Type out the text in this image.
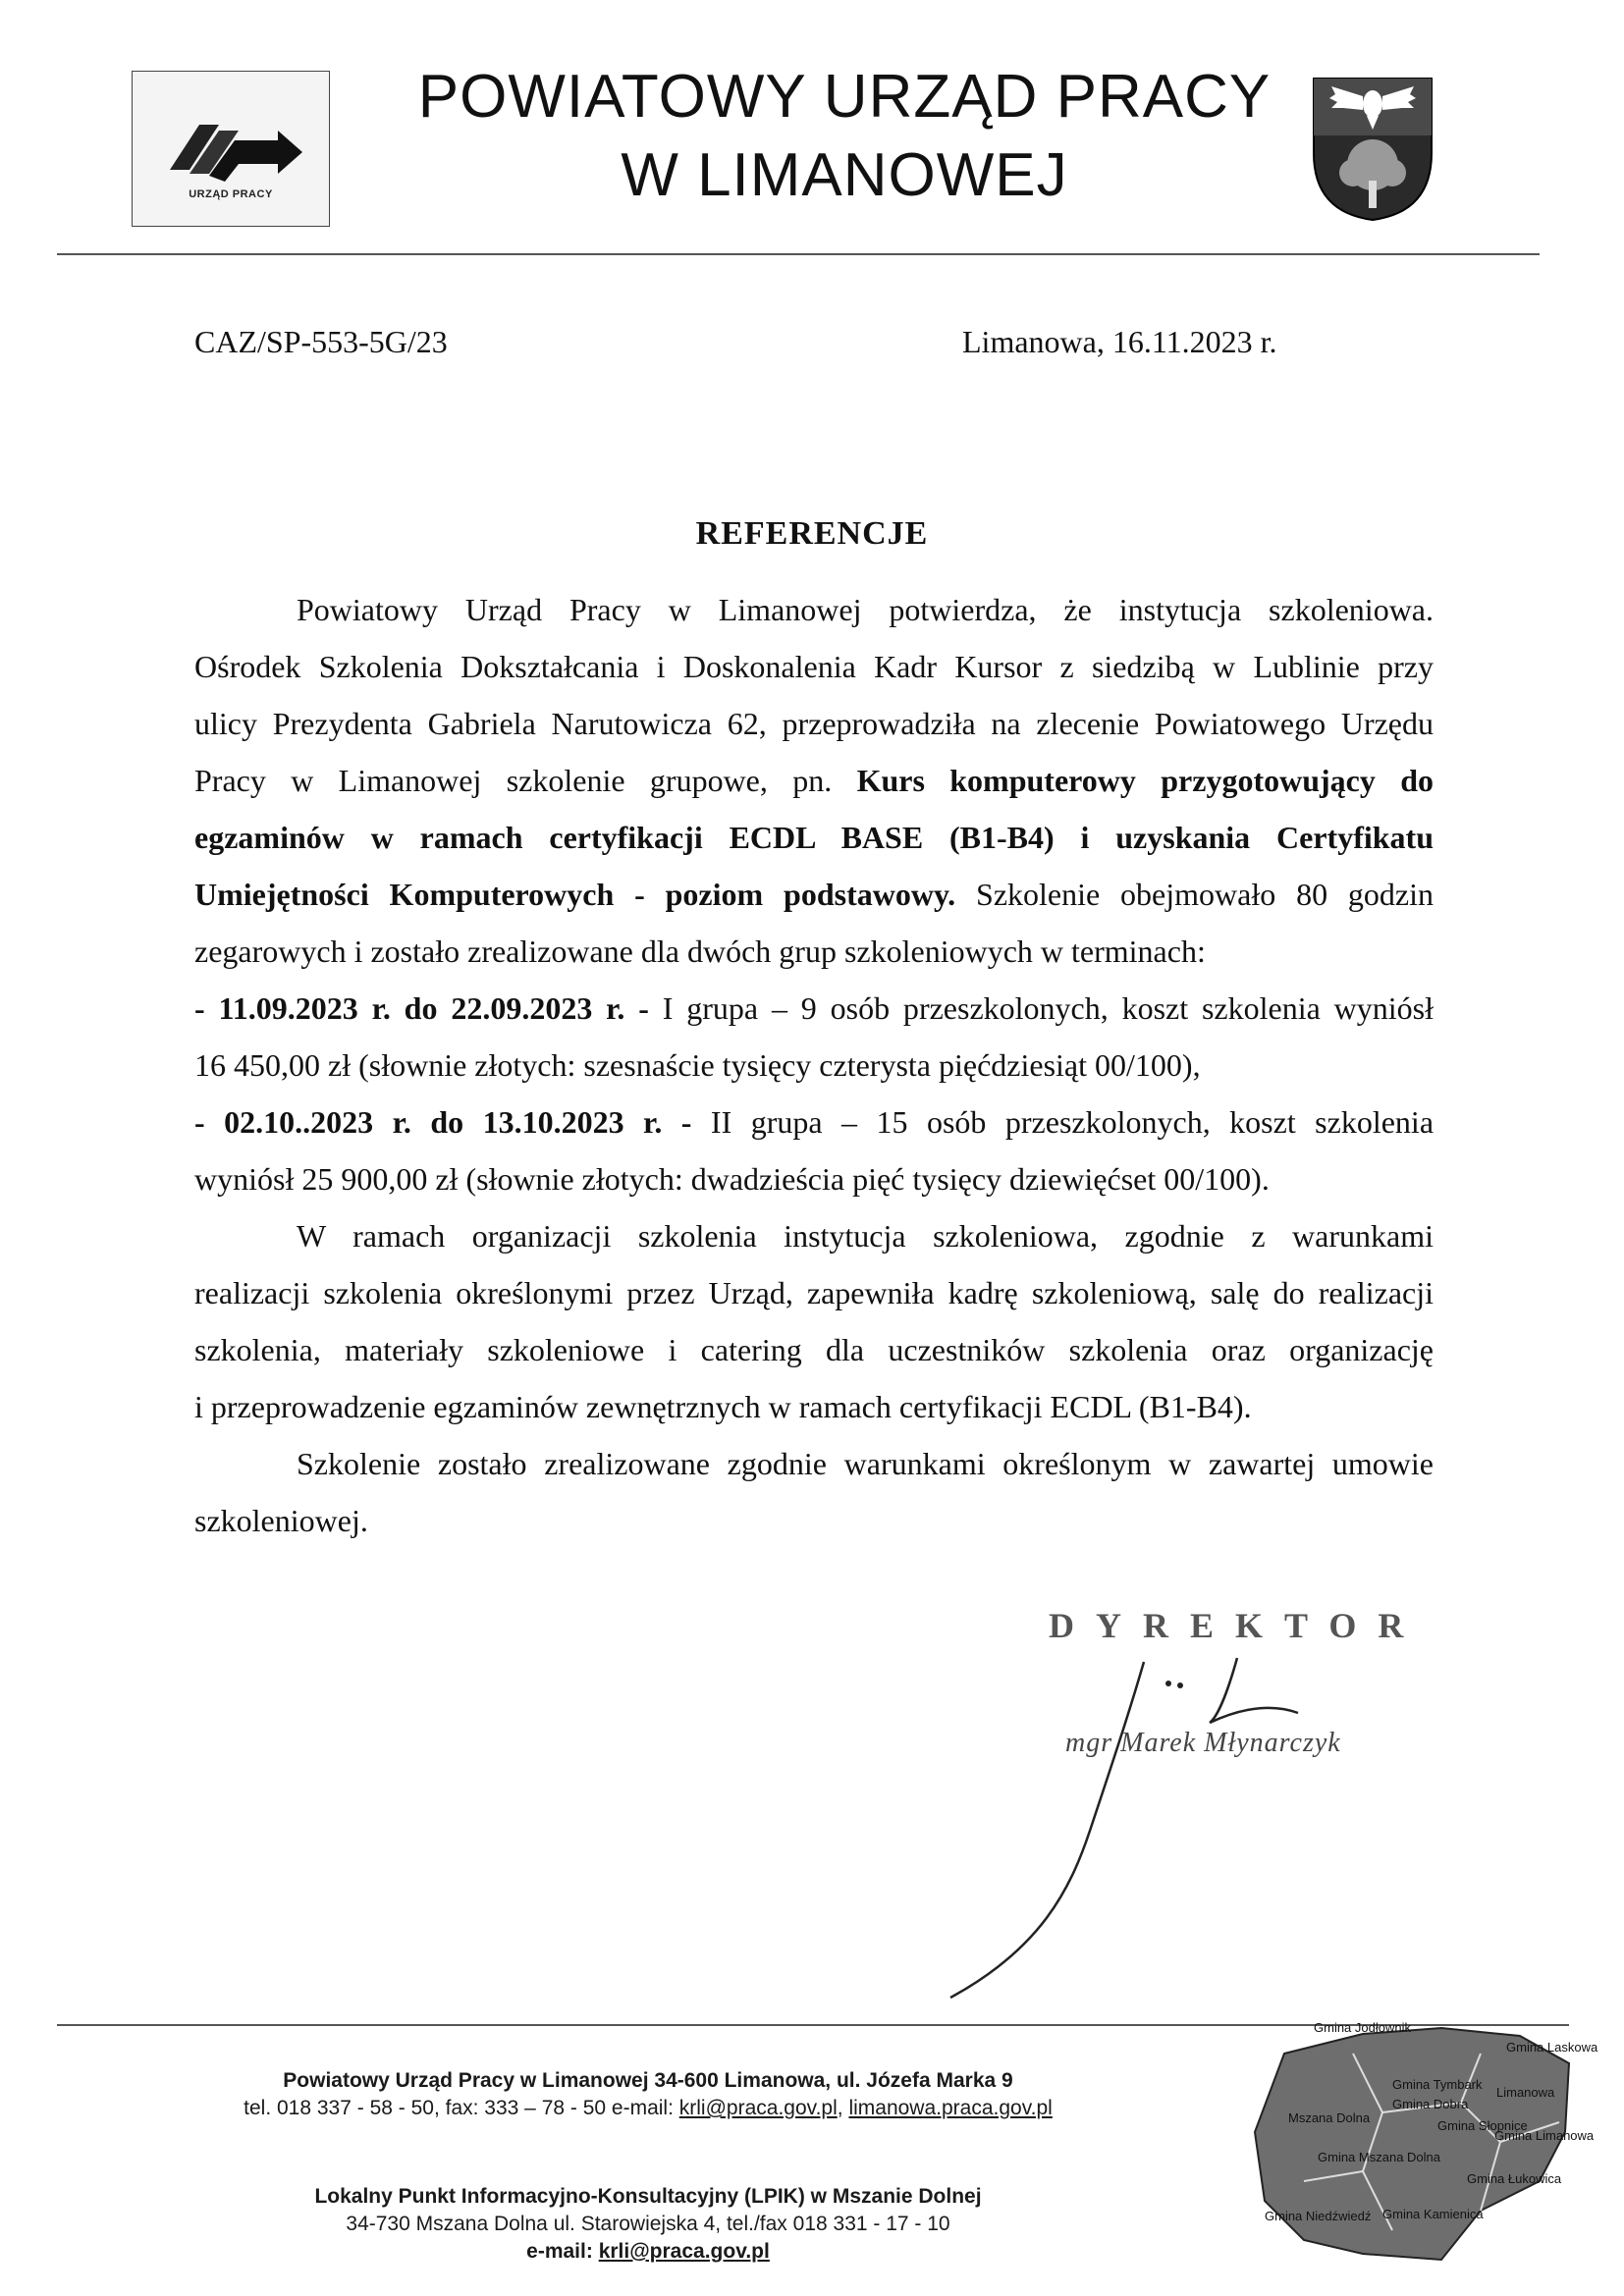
URZĄD PRACY
POWIATOWY URZĄD PRACY
W LIMANOWEJ
CAZ/SP-553-5G/23	Limanowa, 16.11.2023 r.
REFERENCJE
Powiatowy Urząd Pracy w Limanowej potwierdza, że instytucja szkoleniowa.
Ośrodek Szkolenia Dokształcania i Doskonalenia Kadr Kursor z siedzibą w Lublinie przy
ulicy Prezydenta Gabriela Narutowicza 62, przeprowadziła na zlecenie Powiatowego Urzędu
Pracy w Limanowej szkolenie grupowe, pn. Kurs komputerowy przygotowujący do
egzaminów w ramach certyfikacji ECDL BASE (B1-B4) i uzyskania Certyfikatu
Umiejętności Komputerowych - poziom podstawowy. Szkolenie obejmowało 80 godzin
zegarowych i zostało zrealizowane dla dwóch grup szkoleniowych w terminach:
- 11.09.2023 r. do 22.09.2023 r. - I grupa – 9 osób przeszkolonych, koszt szkolenia wyniósł
16 450,00 zł (słownie złotych: szesnaście tysięcy czterysta pięćdziesiąt 00/100),
- 02.10..2023 r. do 13.10.2023 r. - II grupa – 15 osób przeszkolonych, koszt szkolenia
wyniósł 25 900,00 zł (słownie złotych: dwadzieścia pięć tysięcy dziewięćset 00/100).
W ramach organizacji szkolenia instytucja szkoleniowa, zgodnie z warunkami
realizacji szkolenia określonymi przez Urząd, zapewniła kadrę szkoleniową, salę do realizacji
szkolenia, materiały szkoleniowe i catering dla uczestników szkolenia oraz organizację
i przeprowadzenie egzaminów zewnętrznych w ramach certyfikacji ECDL (B1-B4).
Szkolenie zostało zrealizowane zgodnie warunkami określonym w zawartej umowie
szkoleniowej.
DYREKTOR
mgr Marek Młynarczyk
Powiatowy Urząd Pracy w Limanowej 34-600 Limanowa, ul. Józefa Marka 9
tel. 018 337 - 58 - 50, fax: 333 – 78 - 50 e-mail: krli@praca.gov.pl, limanowa.praca.gov.pl
Lokalny Punkt Informacyjno-Konsultacyjny (LPIK) w Mszanie Dolnej
34-730 Mszana Dolna ul. Starowiejska 4, tel./fax 018 331 - 17 - 10
e-mail: krli@praca.gov.pl
Gmina Jodłownik
Gmina Laskowa
Gmina Tymbark
Gmina Dobra
Limanowa
Mszana Dolna
Gmina Słopnice
Gmina Limanowa
Gmina Mszana Dolna
Gmina Łukowica
Gmina Niedźwiedź Gmina Kamienica
